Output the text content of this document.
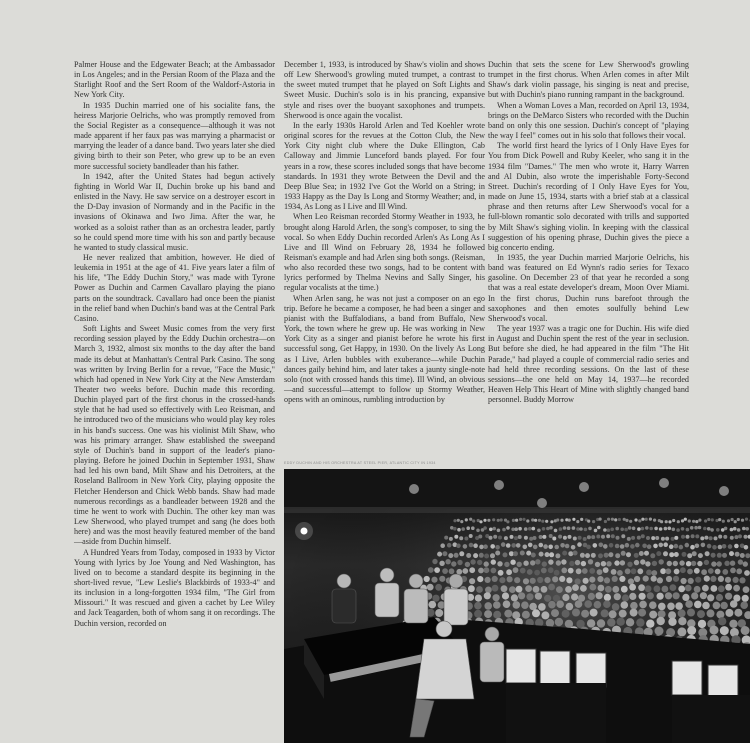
Palmer House and the Edgewater Beach; at the Ambassador in Los Angeles; and in the Persian Room of the Plaza and the Starlight Roof and the Sert Room of the Waldorf-Astoria in New York City.

In 1935 Duchin married one of his socialite fans, the heiress Marjorie Oelrichs, who was promptly removed from the Social Register as a consequence—although it was not made apparent if her faux pas was marrying a pharmacist or marrying the leader of a dance band. Two years later she died giving birth to their son Peter, who grew up to be an even more successful society bandleader than his father.

In 1942, after the United States had begun actively fighting in World War II, Duchin broke up his band and enlisted in the Navy. He saw service on a destroyer escort in the D-Day invasion of Normandy and in the Pacific in the invasions of Okinawa and Iwo Jima. After the war, he worked as a soloist rather than as an orchestra leader, partly so he could spend more time with his son and partly because he wanted to study classical music.

He never realized that ambition, however. He died of leukemia in 1951 at the age of 41. Five years later a film of his life, "The Eddy Duchin Story," was made with Tyrone Power as Duchin and Carmen Cavallaro playing the piano parts on the soundtrack. Cavallaro had once been the pianist in the relief band when Duchin's band was at the Central Park Casino.

Soft Lights and Sweet Music comes from the very first recording session played by the Eddy Duchin orchestra—on March 3, 1932, almost six months to the day after the band made its debut at Manhattan's Central Park Casino. The song was written by Irving Berlin for a revue, "Face the Music," which had opened in New York City at the New Amsterdam Theater two weeks before. Duchin made this recording. Duchin played part of the first chorus in the crossed-hands style that he had used so effectively with Leo Reisman, and he introduced two of the musicians who would play key roles in his band's success. One was his violinist Milt Shaw, who was his primary arranger. Shaw established the sweepand style of Duchin's band in support of the leader's piano-playing. Before he joined Duchin in September 1931, Shaw had led his own band, Milt Shaw and his Detroiters, at the Roseland Ballroom in New York City, playing opposite the Fletcher Henderson and Chick Webb bands. Shaw had made numerous recordings as a bandleader between 1928 and the time he went to work with Duchin. The other key man was Lew Sherwood, who played trumpet and sang (he does both here) and was the most heavily featured member of the band—aside from Duchin himself.

A Hundred Years from Today, composed in 1933 by Victor Young with lyrics by Joe Young and Ned Washington, has lived on to become a standard despite its beginning in the short-lived revue, "Lew Leslie's Blackbirds of 1933-4" and its inclusion in a long-forgotten 1934 film, "The Girl from Missouri." It was rescued and given a cachet by Lee Wiley and Jack Teagarden, both of whom sang it on recordings. The Duchin version, recorded on

December 1, 1933, is introduced by Shaw's violin and shows off Lew Sherwood's growling muted trumpet, a contrast to the sweet muted trumpet that he played on Soft Lights and Sweet Music. Duchin's solo is in his prancing, expansive style and rises over the buoyant saxophones and trumpets. Sherwood is once again the vocalist.

In the early 1930s Harold Arlen and Ted Koehler wrote original scores for the revues at the Cotton Club, the New York City night club where the Duke Ellington, Cab Calloway and Jimmie Lunceford bands played. For four years in a row, these scores included songs that have become standards. In 1931 they wrote Between the Devil and the Deep Blue Sea; in 1932 I've Got the World on a String; in 1933 Happy as the Day Is Long and Stormy Weather; and, in 1934, As Long as I Live and Ill Wind.

When Leo Reisman recorded Stormy Weather in 1933, he brought along Harold Arlen, the song's composer, to sing the vocal. So when Eddy Duchin recorded Arlen's As Long As I Live and Ill Wind on February 28, 1934 he followed Reisman's example and had Arlen sing both songs. (Reisman, who also recorded these two songs, had to be content with lyrics performed by Thelma Nevins and Sally Singer, his regular vocalists at the time.)

When Arlen sang, he was not just a composer on an ego trip. Before he became a composer, he had been a singer and pianist with the Buffalodians, a band from Buffalo, New York, the town where he grew up. He was working in New York City as a singer and pianist before he wrote his first successful song, Get Happy, in 1930. On the lively As Long as I Live, Arlen bubbles with exuberance—while Duchin dances gaily behind him, and later takes a jaunty single-note solo (not with crossed hands this time). Ill Wind, an obvious—and successful—attempt to follow up Stormy Weather, opens with an ominous, rumbling introduction by

Duchin that sets the scene for Lew Sherwood's growling trumpet in the first chorus. When Arlen comes in after Milt Shaw's dark violin passage, his singing is neat and precise, but with Duchin's piano running rampant in the background.

When a Woman Loves a Man, recorded on April 13, 1934, brings on the DeMarco Sisters who recorded with the Duchin band on only this one session. Duchin's concept of "playing the way I feel" comes out in his solo that follows their vocal.

The world first heard the lyrics of I Only Have Eyes for You from Dick Powell and Ruby Keeler, who sang it in the 1934 film "Dames." The men who wrote it, Harry Warren and Al Dubin, also wrote the imperishable Forty-Second Street. Duchin's recording of I Only Have Eyes for You, made on June 15, 1934, starts with a brief stab at a classical phrase and then returns after Lew Sherwood's vocal for a full-blown romantic solo decorated with trills and supported by Milt Shaw's sighing violin. In keeping with the classical suggestion of his opening phrase, Duchin gives the piece a big concerto ending.

In 1935, the year Duchin married Marjorie Oelrichs, his band was featured on Ed Wynn's radio series for Texaco gasoline. On December 23 of that year he recorded a song that was a real estate developer's dream, Moon Over Miami. In the first chorus, Duchin runs barefoot through the saxophones and then emotes soulfully behind Lew Sherwood's vocal.

The year 1937 was a tragic one for Duchin. His wife died in August and Duchin spent the rest of the year in seclusion. But before she died, he had appeared in the film "The Hit Parade," had played a couple of commercial radio series and had held three recording sessions. On the last of these sessions—the one held on May 14, 1937—he recorded Heaven Help This Heart of Mine with slightly changed band personnel. Buddy Morrow

EDDY DUCHIN AND HIS ORCHESTRA AT STEEL PIER, ATLANTIC CITY IN 1934
